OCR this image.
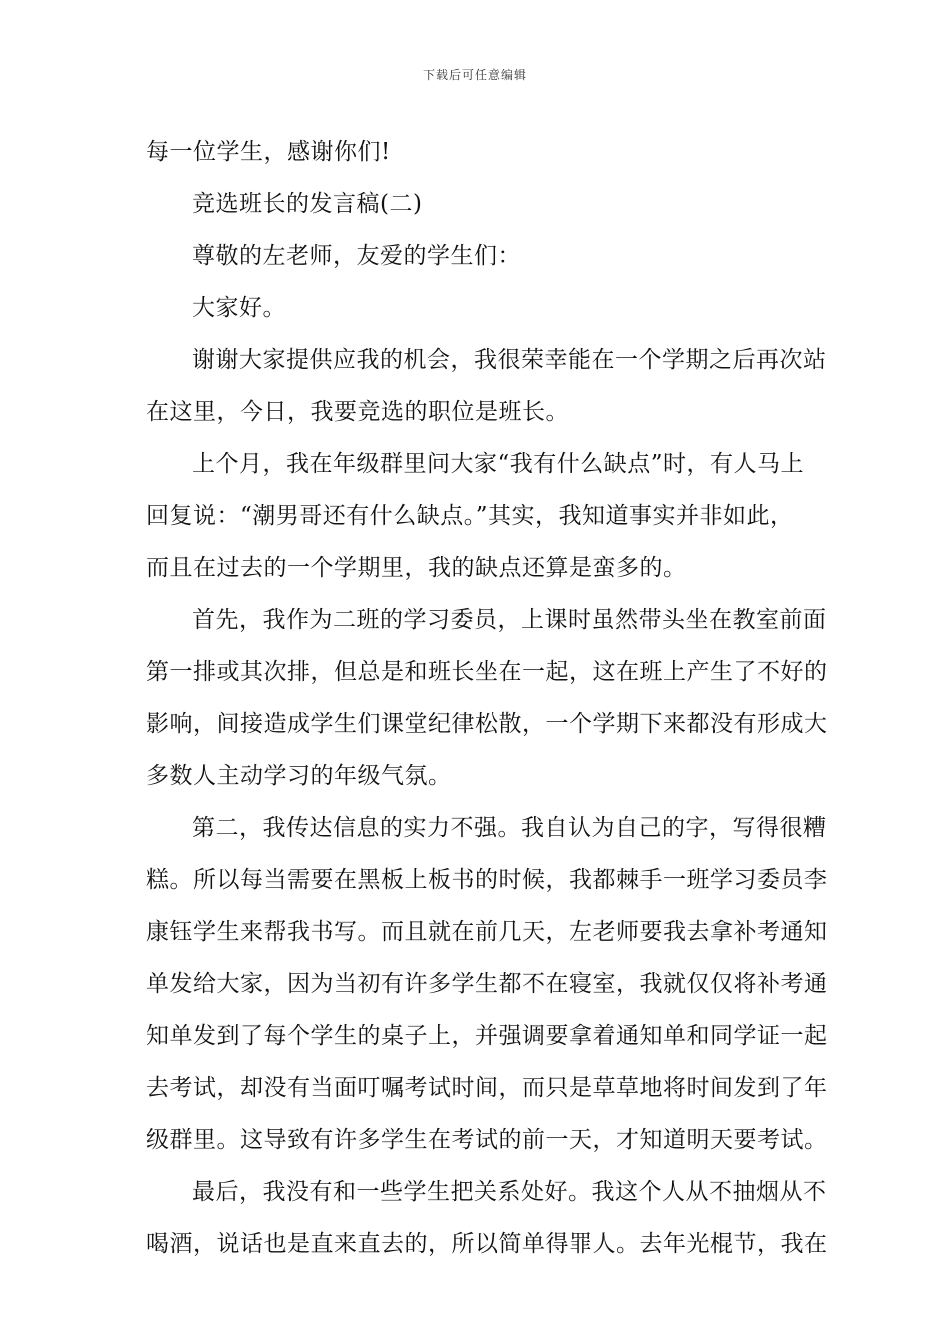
下载后可任意编辑
每一位学生，感谢你们!
竞选班长的发言稿(二)
尊敬的左老师，友爱的学生们：
大家好。
谢谢大家提供应我的机会，我很荣幸能在一个学期之后再次站
在这里，今日，我要竞选的职位是班长。
上个月，我在年级群里问大家“我有什么缺点”时，有人马上
回复说：“潮男哥还有什么缺点。”其实，我知道事实并非如此，
而且在过去的一个学期里，我的缺点还算是蛮多的。
首先，我作为二班的学习委员，上课时虽然带头坐在教室前面
第一排或其次排，但总是和班长坐在一起，这在班上产生了不好的
影响，间接造成学生们课堂纪律松散，一个学期下来都没有形成大
多数人主动学习的年级气氛。
第二，我传达信息的实力不强。我自认为自己的字，写得很糟
糕。所以每当需要在黑板上板书的时候，我都棘手一班学习委员李
康钰学生来帮我书写。而且就在前几天，左老师要我去拿补考通知
单发给大家，因为当初有许多学生都不在寝室，我就仅仅将补考通
知单发到了每个学生的桌子上，并强调要拿着通知单和同学证一起
去考试，却没有当面叮嘱考试时间，而只是草草地将时间发到了年
级群里。这导致有许多学生在考试的前一天，才知道明天要考试。
最后，我没有和一些学生把关系处好。我这个人从不抽烟从不
喝酒，说话也是直来直去的，所以简单得罪人。去年光棍节，我在
